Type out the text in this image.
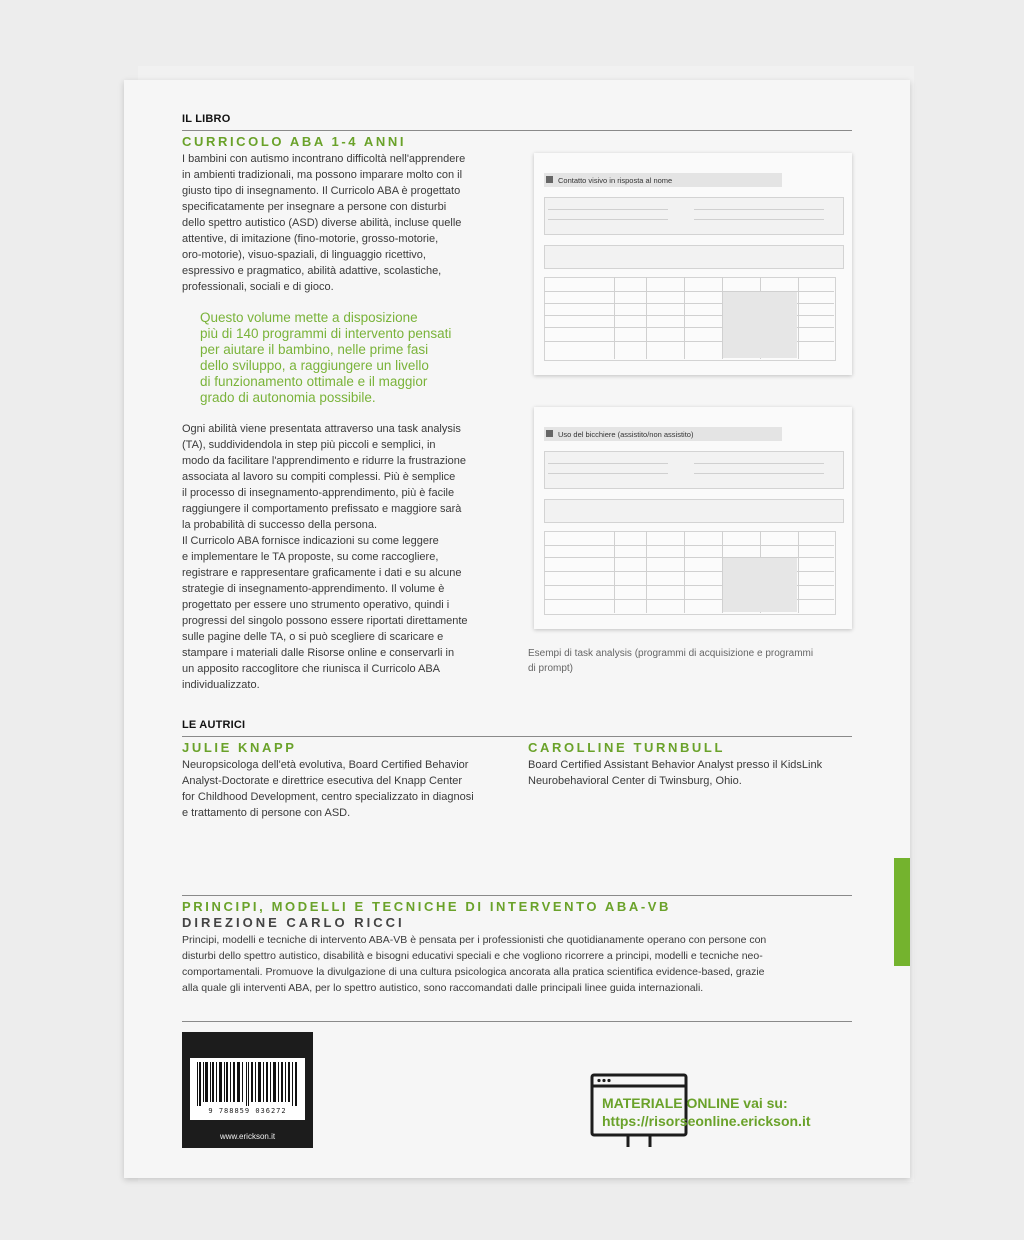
IL LIBRO
CURRICOLO ABA 1-4 ANNI
I bambini con autismo incontrano difficoltà nell'apprendere
in ambienti tradizionali, ma possono imparare molto con il
giusto tipo di insegnamento. Il Curricolo ABA è progettato
specificatamente per insegnare a persone con disturbi
dello spettro autistico (ASD) diverse abilità, incluse quelle
attentive, di imitazione (fino-motorie, grosso-motorie,
oro-motorie), visuo-spaziali, di linguaggio ricettivo,
espressivo e pragmatico, abilità adattive, scolastiche,
professionali, sociali e di gioco.
Questo volume mette a disposizione
più di 140 programmi di intervento pensati
per aiutare il bambino, nelle prime fasi
dello sviluppo, a raggiungere un livello
di funzionamento ottimale e il maggior
grado di autonomia possibile.
Ogni abilità viene presentata attraverso una task analysis
(TA), suddividendola in step più piccoli e semplici, in
modo da facilitare l'apprendimento e ridurre la frustrazione
associata al lavoro su compiti complessi. Più è semplice
il processo di insegnamento-apprendimento, più è facile
raggiungere il comportamento prefissato e maggiore sarà
la probabilità di successo della persona.
Il Curricolo ABA fornisce indicazioni su come leggere
e implementare le TA proposte, su come raccogliere,
registrare e rappresentare graficamente i dati e su alcune
strategie di insegnamento-apprendimento. Il volume è
progettato per essere uno strumento operativo, quindi i
progressi del singolo possono essere riportati direttamente
sulle pagine delle TA, o si può scegliere di scaricare e
stampare i materiali dalle Risorse online e conservarli in
un apposito raccoglitore che riunisca il Curricolo ABA
individualizzato.
Contatto visivo in risposta al nome
Uso del bicchiere (assistito/non assistito)
Esempi di task analysis (programmi di acquisizione e programmi
di prompt)
LE AUTRICI
JULIE KNAPP
Neuropsicologa dell'età evolutiva, Board Certified Behavior
Analyst-Doctorate e direttrice esecutiva del Knapp Center
for Childhood Development, centro specializzato in diagnosi
e trattamento di persone con ASD.
CAROLLINE TURNBULL
Board Certified Assistant Behavior Analyst presso il KidsLink
Neurobehavioral Center di Twinsburg, Ohio.
PRINCIPI, MODELLI E TECNICHE DI INTERVENTO ABA-VB
DIREZIONE CARLO RICCI
Principi, modelli e tecniche di intervento ABA-VB è pensata per i professionisti che quotidianamente operano con persone con
disturbi dello spettro autistico, disabilità e bisogni educativi speciali e che vogliono ricorrere a principi, modelli e tecniche neo-
comportamentali. Promuove la divulgazione di una cultura psicologica ancorata alla pratica scientifica evidence-based, grazie
alla quale gli interventi ABA, per lo spettro autistico, sono raccomandati dalle principali linee guida internazionali.
9 788859 036272
www.erickson.it
MATERIALE ONLINE vai su:
https://risorseonline.erickson.it
